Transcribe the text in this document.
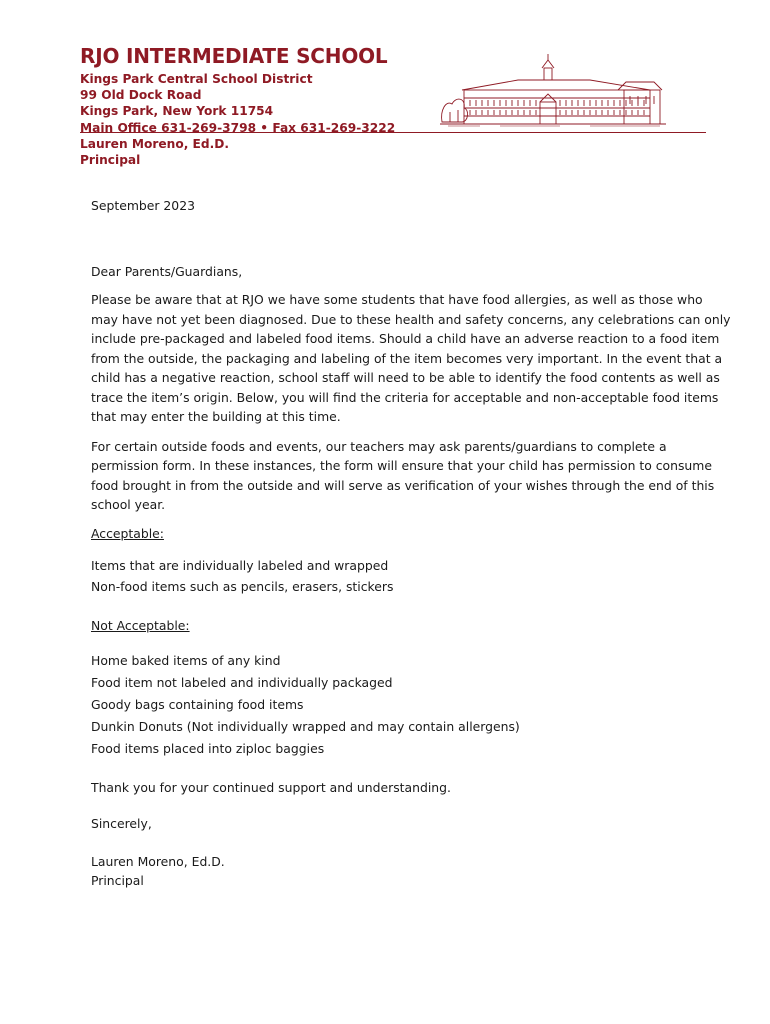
RJO INTERMEDIATE SCHOOL
Kings Park Central School District
99 Old Dock Road
Kings Park, New York 11754
Main Office 631-269-3798 • Fax 631-269-3222
Lauren Moreno, Ed.D.
Principal

September 2023

Dear Parents/Guardians,

Please be aware that at RJO we have some students that have food allergies, as well as those who

may have not yet been diagnosed. Due to these health and safety concerns, any celebrations can only

include pre-packaged and labeled food items. Should a child have an adverse reaction to a food item

from the outside, the packaging and labeling of the item becomes very important. In the event that a

child has a negative reaction, school staff will need to be able to identify the food contents as well as

trace the item’s origin. Below, you will find the criteria for acceptable and non-acceptable food items

that may enter the building at this time.

For certain outside foods and events, our teachers may ask parents/guardians to complete a

permission form. In these instances, the form will ensure that your child has permission to consume

food brought in from the outside and will serve as verification of your wishes through the end of this

school year.

Acceptable:

Items that are individually labeled and wrapped

Non-food items such as pencils, erasers, stickers

Not Acceptable:

Home baked items of any kind

Food item not labeled and individually packaged

Goody bags containing food items

Dunkin Donuts (Not individually wrapped and may contain allergens)

Food items placed into ziploc baggies

Thank you for your continued support and understanding.

Sincerely,

Lauren Moreno, Ed.D.

Principal
